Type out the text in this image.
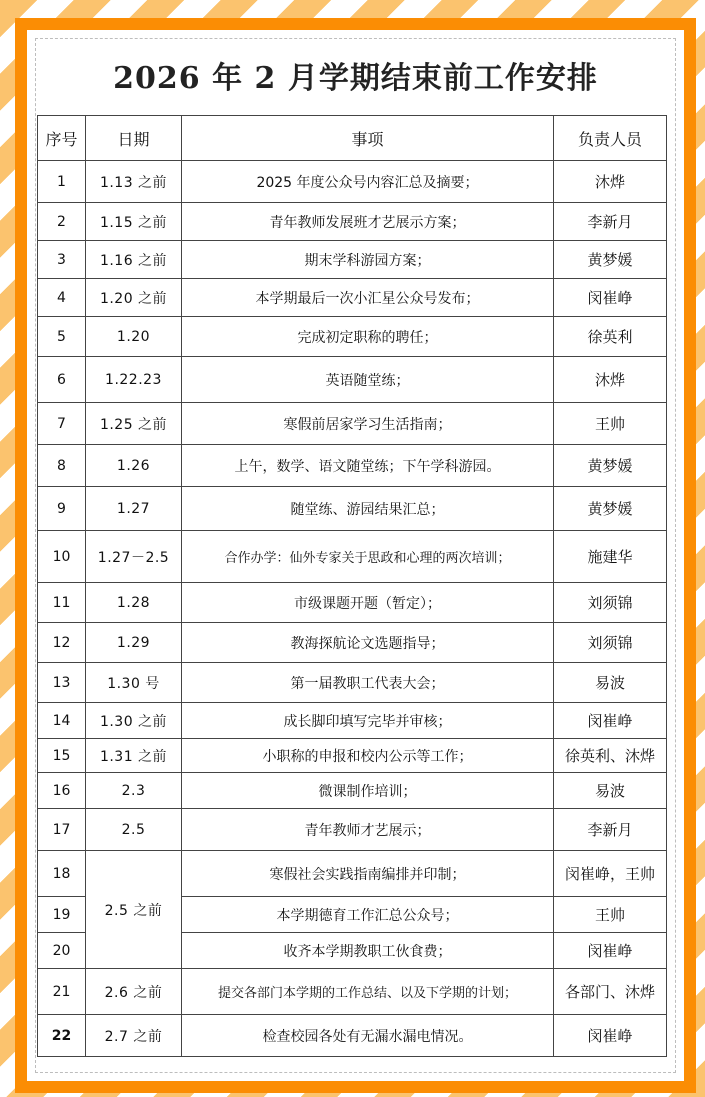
2026 年 2 月学期结束前工作安排
序号	日期	事项	负责人员
1	1.13 之前	2025 年度公众号内容汇总及摘要；	沐烨
2	1.15 之前	青年教师发展班才艺展示方案；	李新月
3	1.16 之前	期末学科游园方案；	黄梦媛
4	1.20 之前	本学期最后一次小汇星公众号发布；	闵崔峥
5	1.20	完成初定职称的聘任；	徐英利
6	1.22.23	英语随堂练；	沐烨
7	1.25 之前	寒假前居家学习生活指南；	王帅
8	1.26	上午，数学、语文随堂练；下午学科游园。	黄梦媛
9	1.27	随堂练、游园结果汇总；	黄梦媛
10	1.27－2.5	合作办学：仙外专家关于思政和心理的两次培训；	施建华
11	1.28	市级课题开题（暂定）；	刘须锦
12	1.29	教海探航论文选题指导；	刘须锦
13	1.30 号	第一届教职工代表大会；	易波
14	1.30 之前	成长脚印填写完毕并审核；	闵崔峥
15	1.31 之前	小职称的申报和校内公示等工作；	徐英利、沐烨
16	2.3	微课制作培训；	易波
17	2.5	青年教师才艺展示；	李新月
18	2.5 之前	寒假社会实践指南编排并印制；	闵崔峥，王帅
19		本学期德育工作汇总公众号；	王帅
20		收齐本学期教职工伙食费；	闵崔峥
21	2.6 之前	提交各部门本学期的工作总结、以及下学期的计划；	各部门、沐烨
22	2.7 之前	检查校园各处有无漏水漏电情况。	闵崔峥
